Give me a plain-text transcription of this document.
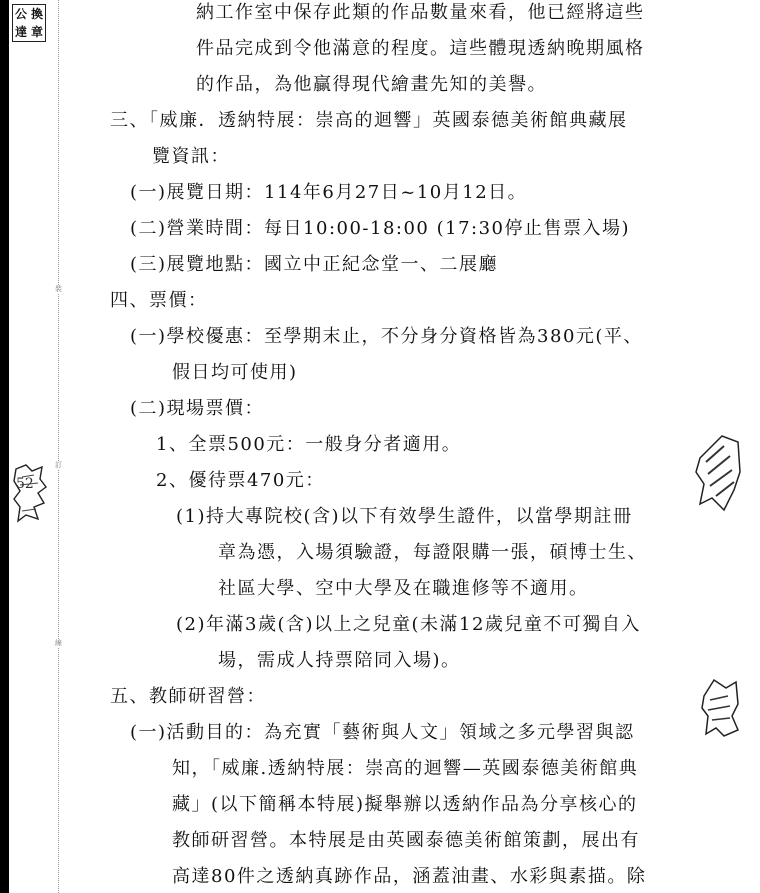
公 換
達 章
裝
訂
線
52
納工作室中保存此類的作品數量來看，他已經將這些
件品完成到令他滿意的程度。這些體現透納晚期風格
的作品，為他贏得現代繪畫先知的美譽。
三、「威廉．透納特展：崇高的迴響」英國泰德美術館典藏展
覽資訊：
(一)展覽日期：114年6月27日~10月12日。
(二)營業時間：每日10:00-18:00 (17:30停止售票入場)
(三)展覽地點：國立中正紀念堂一、二展廳
四、票價：
(一)學校優惠：至學期末止，不分身分資格皆為380元(平、
假日均可使用)
(二)現場票價：
1、全票500元：一般身分者適用。
2、優待票470元：
(1)持大專院校(含)以下有效學生證件，以當學期註冊
章為憑，入場須驗證，每證限購一張，碩博士生、
社區大學、空中大學及在職進修等不適用。
(2)年滿3歲(含)以上之兒童(未滿12歲兒童不可獨自入
場，需成人持票陪同入場)。
五、教師研習營：
(一)活動目的：為充實「藝術與人文」領域之多元學習與認
知，「威廉.透納特展：崇高的迴響—英國泰德美術館典
藏」(以下簡稱本特展)擬舉辦以透納作品為分享核心的
教師研習營。本特展是由英國泰德美術館策劃，展出有
高達80件之透納真跡作品，涵蓋油畫、水彩與素描。除
